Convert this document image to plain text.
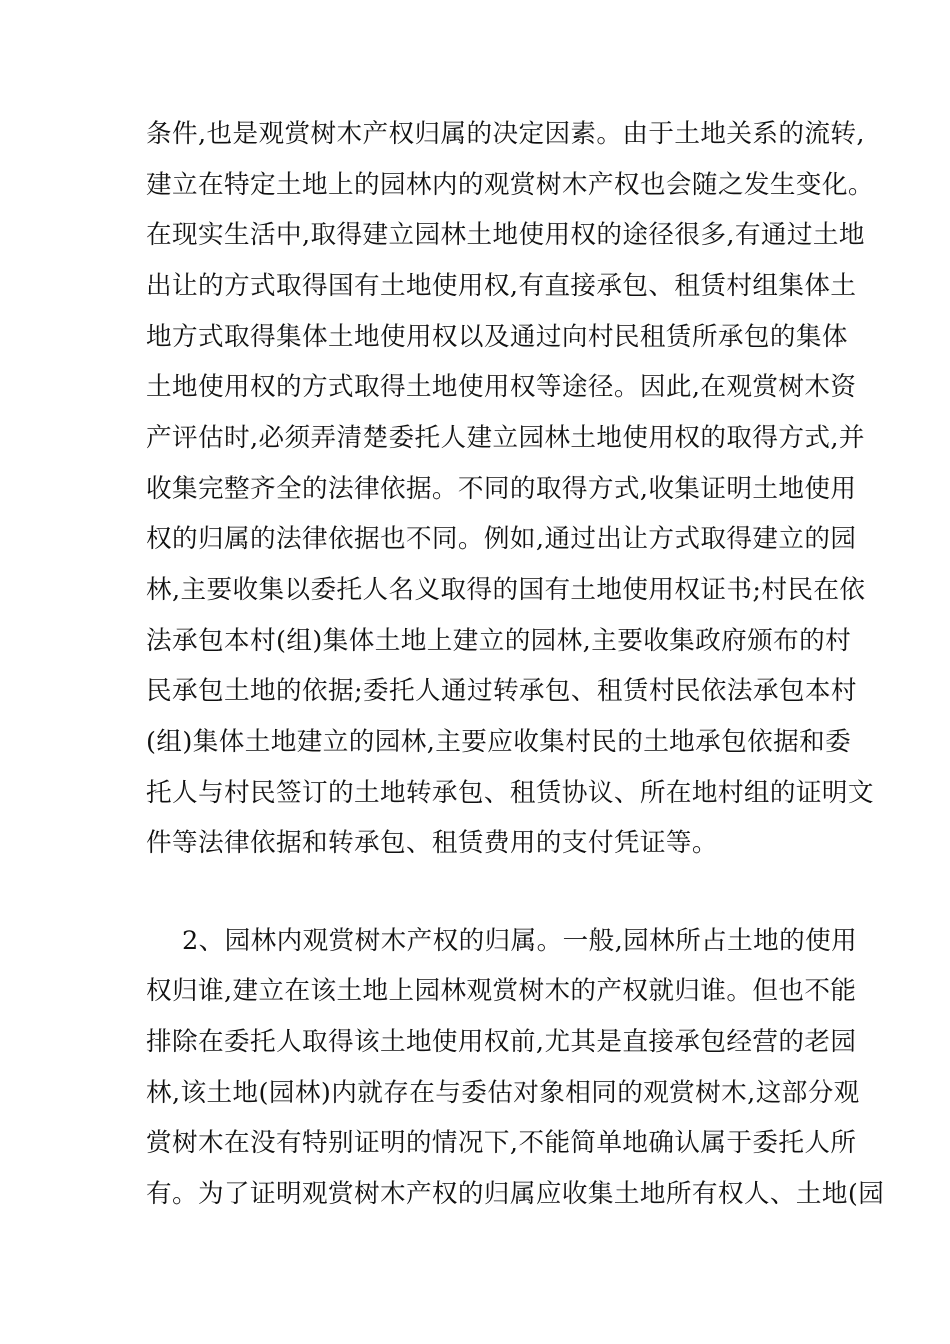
条件,也是观赏树木产权归属的决定因素。由于土地关系的流转,
建立在特定土地上的园林内的观赏树木产权也会随之发生变化。
在现实生活中,取得建立园林土地使用权的途径很多,有通过土地
出让的方式取得国有土地使用权,有直接承包、租赁村组集体土
地方式取得集体土地使用权以及通过向村民租赁所承包的集体
土地使用权的方式取得土地使用权等途径。因此,在观赏树木资
产评估时,必须弄清楚委托人建立园林土地使用权的取得方式,并
收集完整齐全的法律依据。不同的取得方式,收集证明土地使用
权的归属的法律依据也不同。例如,通过出让方式取得建立的园
林,主要收集以委托人名义取得的国有土地使用权证书;村民在依
法承包本村(组)集体土地上建立的园林,主要收集政府颁布的村
民承包土地的依据;委托人通过转承包、租赁村民依法承包本村
(组)集体土地建立的园林,主要应收集村民的土地承包依据和委
托人与村民签订的土地转承包、租赁协议、所在地村组的证明文
件等法律依据和转承包、租赁费用的支付凭证等。
2、园林内观赏树木产权的归属。一般,园林所占土地的使用
权归谁,建立在该土地上园林观赏树木的产权就归谁。但也不能
排除在委托人取得该土地使用权前,尤其是直接承包经营的老园
林,该土地(园林)内就存在与委估对象相同的观赏树木,这部分观
赏树木在没有特别证明的情况下,不能简单地确认属于委托人所
有。为了证明观赏树木产权的归属应收集土地所有权人、土地(园
